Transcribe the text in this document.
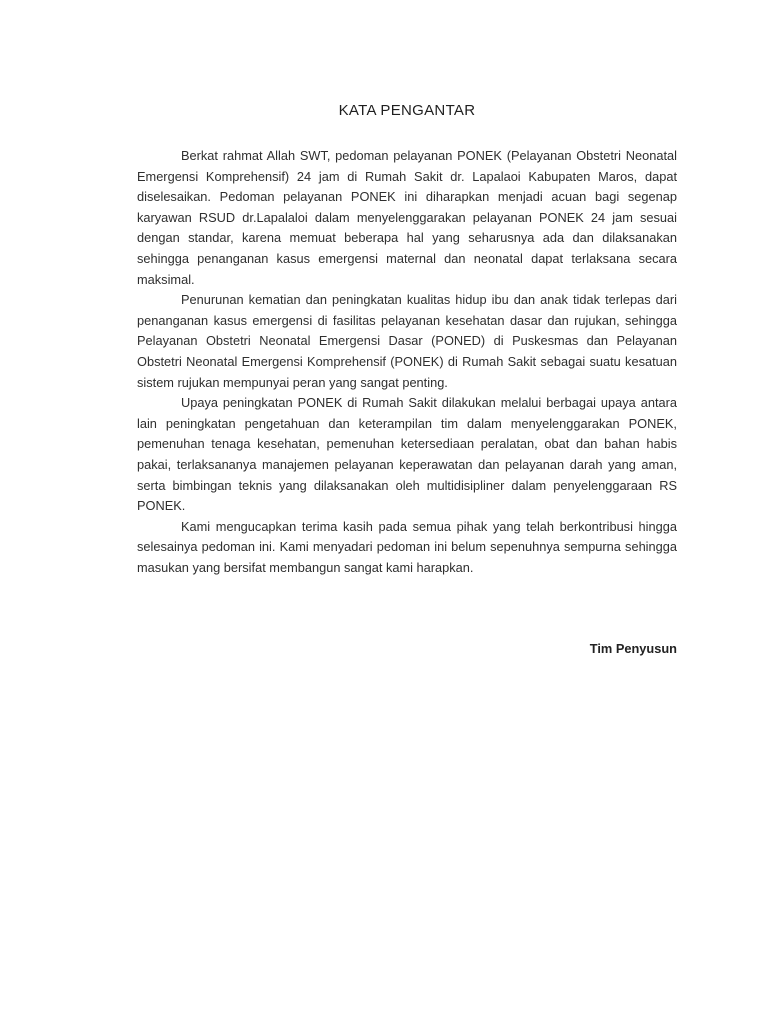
KATA PENGANTAR

Berkat rahmat Allah SWT, pedoman pelayanan PONEK (Pelayanan Obstetri Neonatal Emergensi Komprehensif) 24 jam di Rumah Sakit dr. Lapalaoi Kabupaten Maros, dapat diselesaikan. Pedoman pelayanan PONEK ini diharapkan menjadi acuan bagi segenap karyawan RSUD dr.Lapalaloi dalam menyelenggarakan pelayanan PONEK 24 jam sesuai dengan standar, karena memuat beberapa hal yang seharusnya ada dan dilaksanakan sehingga penanganan kasus emergensi maternal dan neonatal dapat terlaksana secara maksimal.

Penurunan kematian dan peningkatan kualitas hidup ibu dan anak tidak terlepas dari penanganan kasus emergensi di fasilitas pelayanan kesehatan dasar dan rujukan, sehingga Pelayanan Obstetri Neonatal Emergensi Dasar (PONED) di Puskesmas dan Pelayanan Obstetri Neonatal Emergensi Komprehensif (PONEK) di Rumah Sakit sebagai suatu kesatuan sistem rujukan mempunyai peran yang sangat penting.

Upaya peningkatan PONEK di Rumah Sakit dilakukan melalui berbagai upaya antara lain peningkatan pengetahuan dan keterampilan tim dalam menyelenggarakan PONEK, pemenuhan tenaga kesehatan, pemenuhan ketersediaan peralatan, obat dan bahan habis pakai, terlaksananya manajemen pelayanan keperawatan dan pelayanan darah yang aman, serta bimbingan teknis yang dilaksanakan oleh multidisipliner dalam penyelenggaraan RS PONEK.

Kami mengucapkan terima kasih pada semua pihak yang telah berkontribusi hingga selesainya pedoman ini. Kami menyadari pedoman ini belum sepenuhnya sempurna sehingga masukan yang bersifat membangun sangat kami harapkan.

Tim Penyusun
